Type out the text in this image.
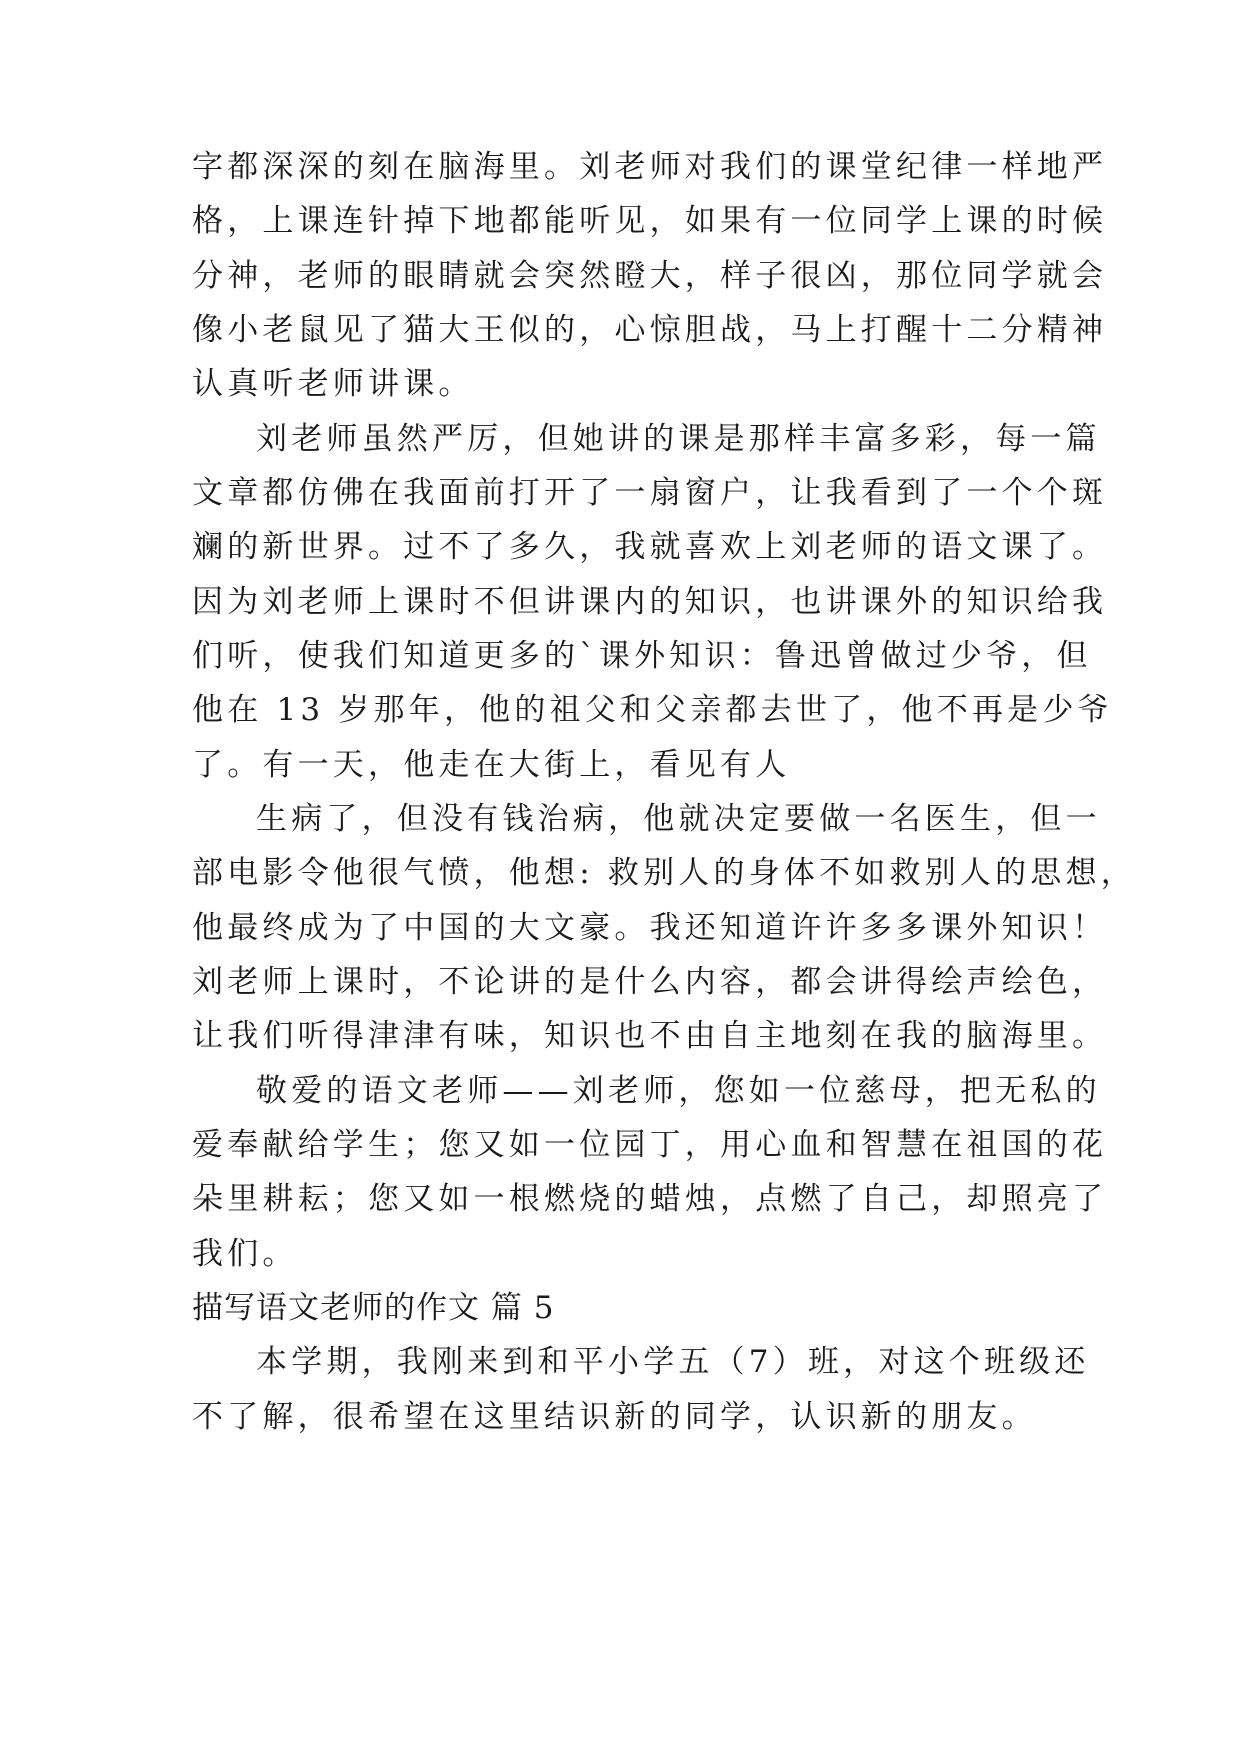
字都深深的刻在脑海里。刘老师对我们的课堂纪律一样地严
格，上课连针掉下地都能听见，如果有一位同学上课的时候
分神，老师的眼睛就会突然瞪大，样子很凶，那位同学就会
像小老鼠见了猫大王似的，心惊胆战，马上打醒十二分精神
认真听老师讲课。
刘老师虽然严厉，但她讲的课是那样丰富多彩，每一篇
文章都仿佛在我面前打开了一扇窗户，让我看到了一个个斑
斓的新世界。过不了多久，我就喜欢上刘老师的语文课了。
因为刘老师上课时不但讲课内的知识，也讲课外的知识给我
们听，使我们知道更多的`课外知识：鲁迅曾做过少爷，但
他在 13 岁那年，他的祖父和父亲都去世了，他不再是少爷
了。有一天，他走在大街上，看见有人
生病了，但没有钱治病，他就决定要做一名医生，但一
部电影令他很气愤，他想: 救别人的身体不如救别人的思想，
他最终成为了中国的大文豪。我还知道许许多多课外知识！
刘老师上课时，不论讲的是什么内容，都会讲得绘声绘色，
让我们听得津津有味，知识也不由自主地刻在我的脑海里。
敬爱的语文老师——刘老师，您如一位慈母，把无私的
爱奉献给学生；您又如一位园丁，用心血和智慧在祖国的花
朵里耕耘；您又如一根燃烧的蜡烛，点燃了自己，却照亮了
我们。
描写语文老师的作文 篇 5
本学期，我刚来到和平小学五（7）班，对这个班级还
不了解，很希望在这里结识新的同学，认识新的朋友。
